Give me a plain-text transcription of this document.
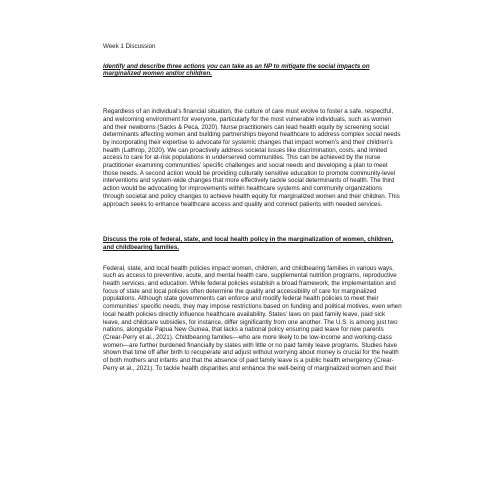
Week 1 Discussion

Identify and describe three actions you can take as an NP to mitigate the social impacts on marginalized women and/or children.

Regardless of an individual's financial situation, the culture of care must evolve to foster a safe, respectful, and welcoming environment for everyone, particularly for the most vulnerable individuals, such as women and their newborns (Sacks & Peca, 2020). Nurse practitioners can lead health equity by screening social determinants affecting women and building partnerships beyond healthcare to address complex social needs by incorporating their expertise to advocate for systemic changes that impact women's and their children's health (Lathrop, 2020). We can proactively address societal issues like discrimination, costs, and limited access to care for at-risk populations in underserved communities. This can be achieved by the nurse practitioner examining communities' specific challenges and social needs and developing a plan to meet those needs. A second action would be providing culturally sensitive education to promote community-level interventions and system-wide changes that more effectively tackle social determinants of health. The third action would be advocating for improvements within healthcare systems and community organizations through societal and policy changes to achieve health equity for marginalized women and their children. This approach seeks to enhance healthcare access and quality and connect patients with needed services.

Discuss the role of federal, state, and local health policy in the marginalization of women, children, and childbearing families.

Federal, state, and local health policies impact women, children, and childbearing families in various ways, such as access to preventive, acute, and mental health care, supplemental nutrition programs, reproductive health services, and education. While federal policies establish a broad framework, the implementation and focus of state and local policies often determine the quality and accessibility of care for marginalized populations. Although state governments can enforce and modify federal health policies to meet their communities' specific needs, they may impose restrictions based on funding and political motives, even when local health policies directly influence healthcare availability. States' laws on paid family leave, paid sick leave, and childcare subsidies, for instance, differ significantly from one another. The U.S. is among just two nations, alongside Papua New Guinea, that lacks a national policy ensuring paid leave for new parents (Crear-Perry et al., 2021). Childbearing families—who are more likely to be low-income and working-class women—are further burdened financially by states with little or no paid family leave programs. Studies have shown that time off after birth to recuperate and adjust without worrying about money is crucial for the health of both mothers and infants and that the absence of paid family leave is a public health emergency (Crear-Perry et al., 2021). To tackle health disparities and enhance the well-being of marginalized women and their
